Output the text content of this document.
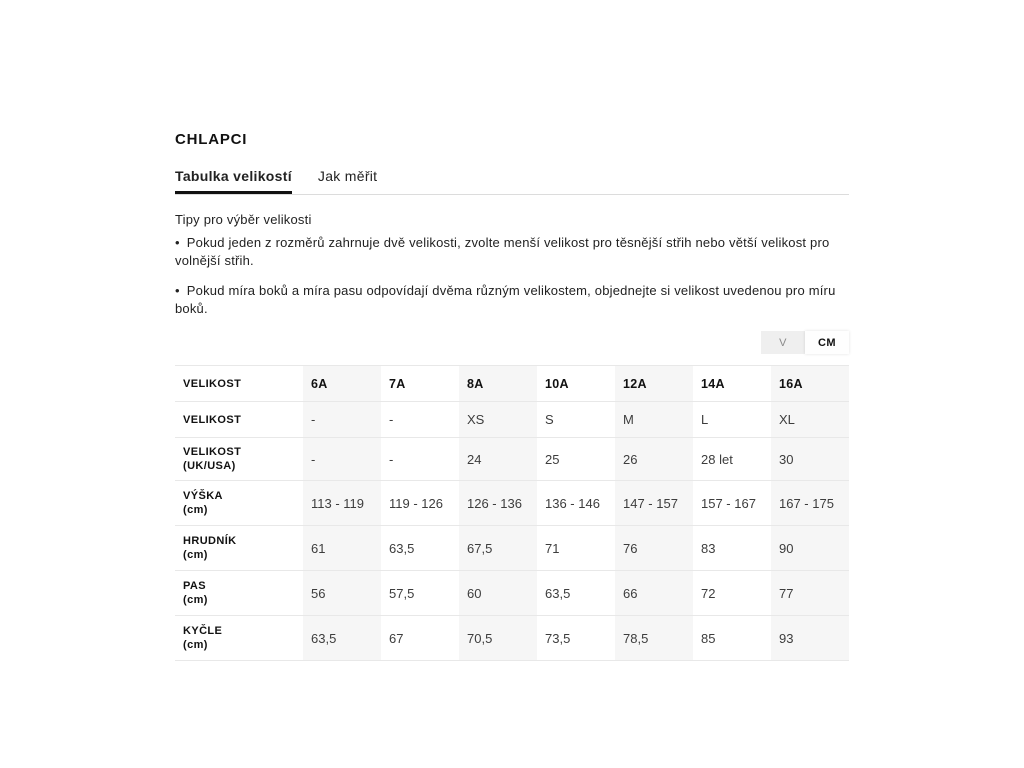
CHLAPCI
Tabulka velikostí Jak měřit
Tipy pro výběr velikosti

• Pokud jeden z rozměrů zahrnuje dvě velikosti, zvolte menší velikost pro těsnější střih nebo větší velikost pro volnější střih.

• Pokud míra boků a míra pasu odpovídají dvěma různým velikostem, objednejte si velikost uvedenou pro míru boků.

V	CM
VELIKOST	6A	7A	8A	10A	12A	14A	16A

VELIKOST	-	-	XS	S	M	L	XL

VELIKOST
(UK/USA)	-	-	24	25	26	28 let	30

VÝŠKA
(cm)	113 - 119	119 - 126	126 - 136	136 - 146	147 - 157	157 - 167	167 - 175

HRUDNÍK
(cm)	61	63,5	67,5	71	76	83	90

PAS
(cm)	56	57,5	60	63,5	66	72	77

KYČLE
(cm)	63,5	67	70,5	73,5	78,5	85	93
